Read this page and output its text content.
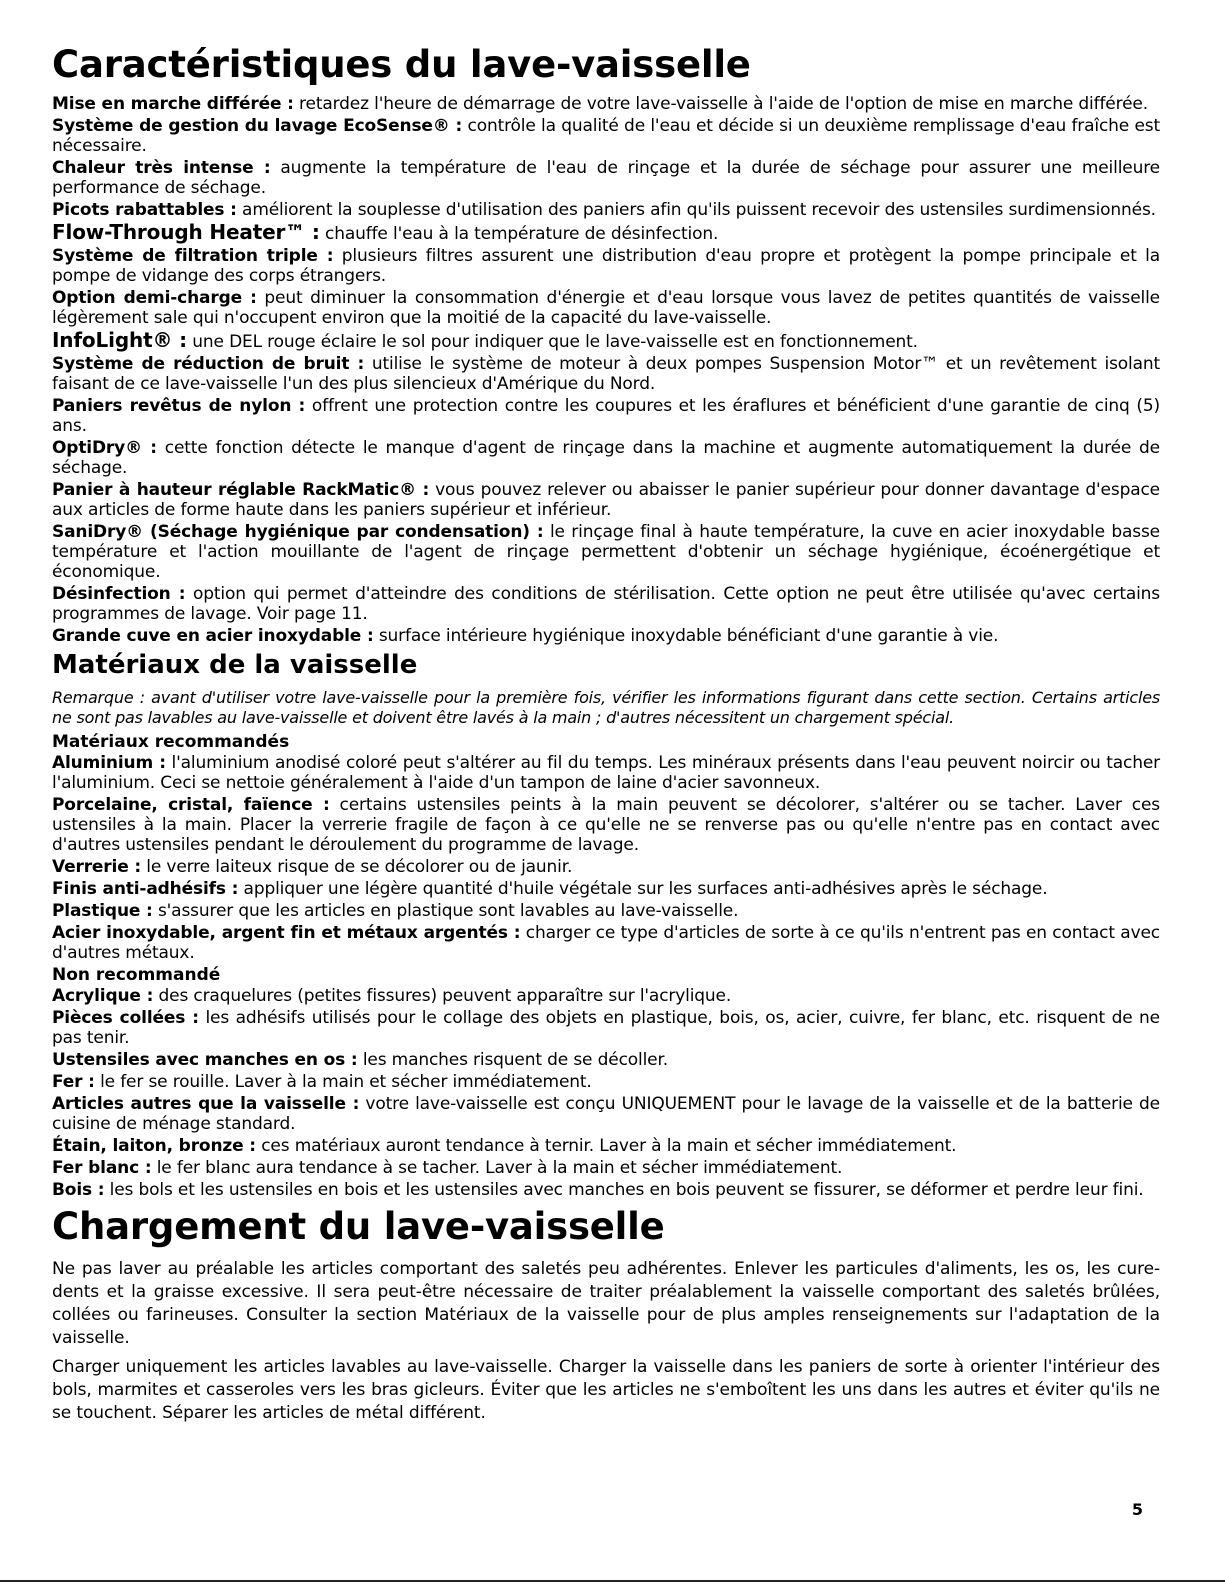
Caractéristiques du lave-vaisselle

Mise en marche différée : retardez l'heure de démarrage de votre lave-vaisselle à l'aide de l'option de mise en marche différée.

Système de gestion du lavage EcoSense® : contrôle la qualité de l'eau et décide si un deuxième remplissage d'eau fraîche est nécessaire.

Chaleur très intense : augmente la température de l'eau de rinçage et la durée de séchage pour assurer une meilleure performance de séchage.

Picots rabattables : améliorent la souplesse d'utilisation des paniers afin qu'ils puissent recevoir des ustensiles surdimensionnés.

Flow-Through Heater™ : chauffe l'eau à la température de désinfection.

Système de filtration triple : plusieurs filtres assurent une distribution d'eau propre et protègent la pompe principale et la pompe de vidange des corps étrangers.

Option demi-charge : peut diminuer la consommation d'énergie et d'eau lorsque vous lavez de petites quantités de vaisselle légèrement sale qui n'occupent environ que la moitié de la capacité du lave-vaisselle.

InfoLight® : une DEL rouge éclaire le sol pour indiquer que le lave-vaisselle est en fonctionnement.

Système de réduction de bruit : utilise le système de moteur à deux pompes Suspension Motor™ et un revêtement isolant faisant de ce lave-vaisselle l'un des plus silencieux d'Amérique du Nord.

Paniers revêtus de nylon : offrent une protection contre les coupures et les éraflures et bénéficient d'une garantie de cinq (5) ans.

OptiDry® : cette fonction détecte le manque d'agent de rinçage dans la machine et augmente automatiquement la durée de séchage.

Panier à hauteur réglable RackMatic® : vous pouvez relever ou abaisser le panier supérieur pour donner davantage d'espace aux articles de forme haute dans les paniers supérieur et inférieur.

SaniDry® (Séchage hygiénique par condensation) : le rinçage final à haute température, la cuve en acier inoxydable basse température et l'action mouillante de l'agent de rinçage permettent d'obtenir un séchage hygiénique, écoénergétique et économique.

Désinfection : option qui permet d'atteindre des conditions de stérilisation. Cette option ne peut être utilisée qu'avec certains programmes de lavage. Voir page 11.

Grande cuve en acier inoxydable : surface intérieure hygiénique inoxydable bénéficiant d'une garantie à vie.

Matériaux de la vaisselle

Remarque : avant d'utiliser votre lave-vaisselle pour la première fois, vérifier les informations figurant dans cette section. Certains articles ne sont pas lavables au lave-vaisselle et doivent être lavés à la main ; d'autres nécessitent un chargement spécial.

Matériaux recommandés

Aluminium : l'aluminium anodisé coloré peut s'altérer au fil du temps. Les minéraux présents dans l'eau peuvent noircir ou tacher l'aluminium. Ceci se nettoie généralement à l'aide d'un tampon de laine d'acier savonneux.

Porcelaine, cristal, faïence : certains ustensiles peints à la main peuvent se décolorer, s'altérer ou se tacher. Laver ces ustensiles à la main. Placer la verrerie fragile de façon à ce qu'elle ne se renverse pas ou qu'elle n'entre pas en contact avec d'autres ustensiles pendant le déroulement du programme de lavage.

Verrerie : le verre laiteux risque de se décolorer ou de jaunir.

Finis anti-adhésifs : appliquer une légère quantité d'huile végétale sur les surfaces anti-adhésives après le séchage.

Plastique : s'assurer que les articles en plastique sont lavables au lave-vaisselle.

Acier inoxydable, argent fin et métaux argentés : charger ce type d'articles de sorte à ce qu'ils n'entrent pas en contact avec d'autres métaux.

Non recommandé

Acrylique : des craquelures (petites fissures) peuvent apparaître sur l'acrylique.

Pièces collées : les adhésifs utilisés pour le collage des objets en plastique, bois, os, acier, cuivre, fer blanc, etc. risquent de ne pas tenir.

Ustensiles avec manches en os : les manches risquent de se décoller.

Fer : le fer se rouille. Laver à la main et sécher immédiatement.

Articles autres que la vaisselle : votre lave-vaisselle est conçu UNIQUEMENT pour le lavage de la vaisselle et de la batterie de cuisine de ménage standard.

Étain, laiton, bronze : ces matériaux auront tendance à ternir. Laver à la main et sécher immédiatement.

Fer blanc : le fer blanc aura tendance à se tacher. Laver à la main et sécher immédiatement.

Bois : les bols et les ustensiles en bois et les ustensiles avec manches en bois peuvent se fissurer, se déformer et perdre leur fini.

Chargement du lave-vaisselle

Ne pas laver au préalable les articles comportant des saletés peu adhérentes. Enlever les particules d'aliments, les os, les cure-dents et la graisse excessive. Il sera peut-être nécessaire de traiter préalablement la vaisselle comportant des saletés brûlées, collées ou farineuses. Consulter la section Matériaux de la vaisselle pour de plus amples renseignements sur l'adaptation de la vaisselle.

Charger uniquement les articles lavables au lave-vaisselle. Charger la vaisselle dans les paniers de sorte à orienter l'intérieur des bols, marmites et casseroles vers les bras gicleurs. Éviter que les articles ne s'emboîtent les uns dans les autres et éviter qu'ils ne se touchent. Séparer les articles de métal différent.

5
